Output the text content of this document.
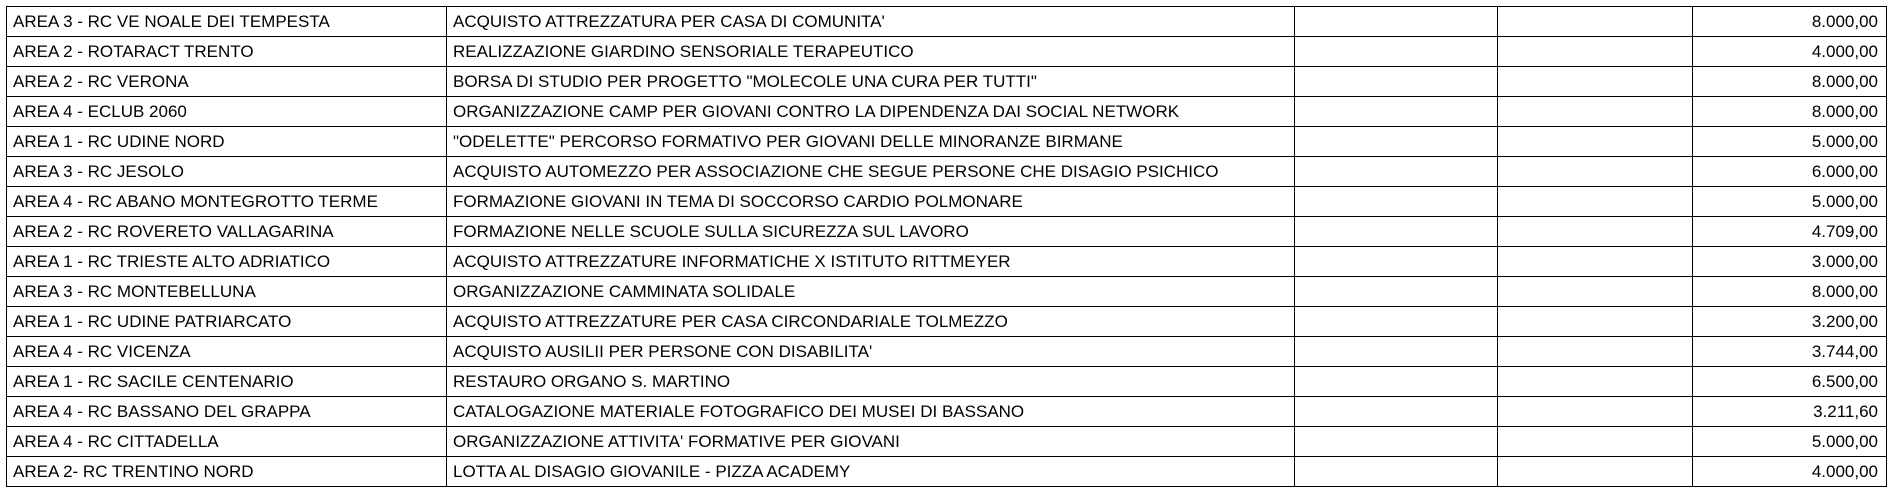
AREA 3 - RC VE NOALE DEI TEMPESTA	ACQUISTO ATTREZZATURA PER CASA DI COMUNITA'			8.000,00
AREA 2 - ROTARACT TRENTO	REALIZZAZIONE GIARDINO SENSORIALE TERAPEUTICO			4.000,00
AREA 2 - RC VERONA	BORSA DI STUDIO PER PROGETTO "MOLECOLE UNA CURA PER TUTTI"			8.000,00
AREA 4 - ECLUB 2060	ORGANIZZAZIONE CAMP PER GIOVANI CONTRO LA DIPENDENZA DAI SOCIAL NETWORK			8.000,00
AREA 1 - RC UDINE NORD	"ODELETTE" PERCORSO FORMATIVO PER GIOVANI DELLE MINORANZE BIRMANE			5.000,00
AREA 3 - RC JESOLO	ACQUISTO AUTOMEZZO PER ASSOCIAZIONE CHE SEGUE PERSONE CHE DISAGIO PSICHICO			6.000,00
AREA 4 - RC ABANO MONTEGROTTO TERME	FORMAZIONE GIOVANI IN TEMA DI SOCCORSO CARDIO POLMONARE			5.000,00
AREA 2 - RC ROVERETO VALLAGARINA	FORMAZIONE NELLE SCUOLE SULLA SICUREZZA SUL LAVORO			4.709,00
AREA 1 - RC TRIESTE ALTO ADRIATICO	ACQUISTO ATTREZZATURE INFORMATICHE X ISTITUTO RITTMEYER			3.000,00
AREA 3 - RC MONTEBELLUNA	ORGANIZZAZIONE CAMMINATA SOLIDALE			8.000,00
AREA 1 - RC UDINE PATRIARCATO	ACQUISTO ATTREZZATURE PER CASA CIRCONDARIALE TOLMEZZO			3.200,00
AREA 4 - RC VICENZA	ACQUISTO AUSILII PER PERSONE CON DISABILITA'			3.744,00
AREA 1 - RC SACILE CENTENARIO	RESTAURO ORGANO S. MARTINO			6.500,00
AREA 4 - RC BASSANO DEL GRAPPA	CATALOGAZIONE MATERIALE FOTOGRAFICO DEI MUSEI DI BASSANO			3.211,60
AREA 4 - RC CITTADELLA	ORGANIZZAZIONE ATTIVITA' FORMATIVE PER GIOVANI			5.000,00
AREA 2- RC TRENTINO NORD	LOTTA AL DISAGIO GIOVANILE - PIZZA ACADEMY			4.000,00
